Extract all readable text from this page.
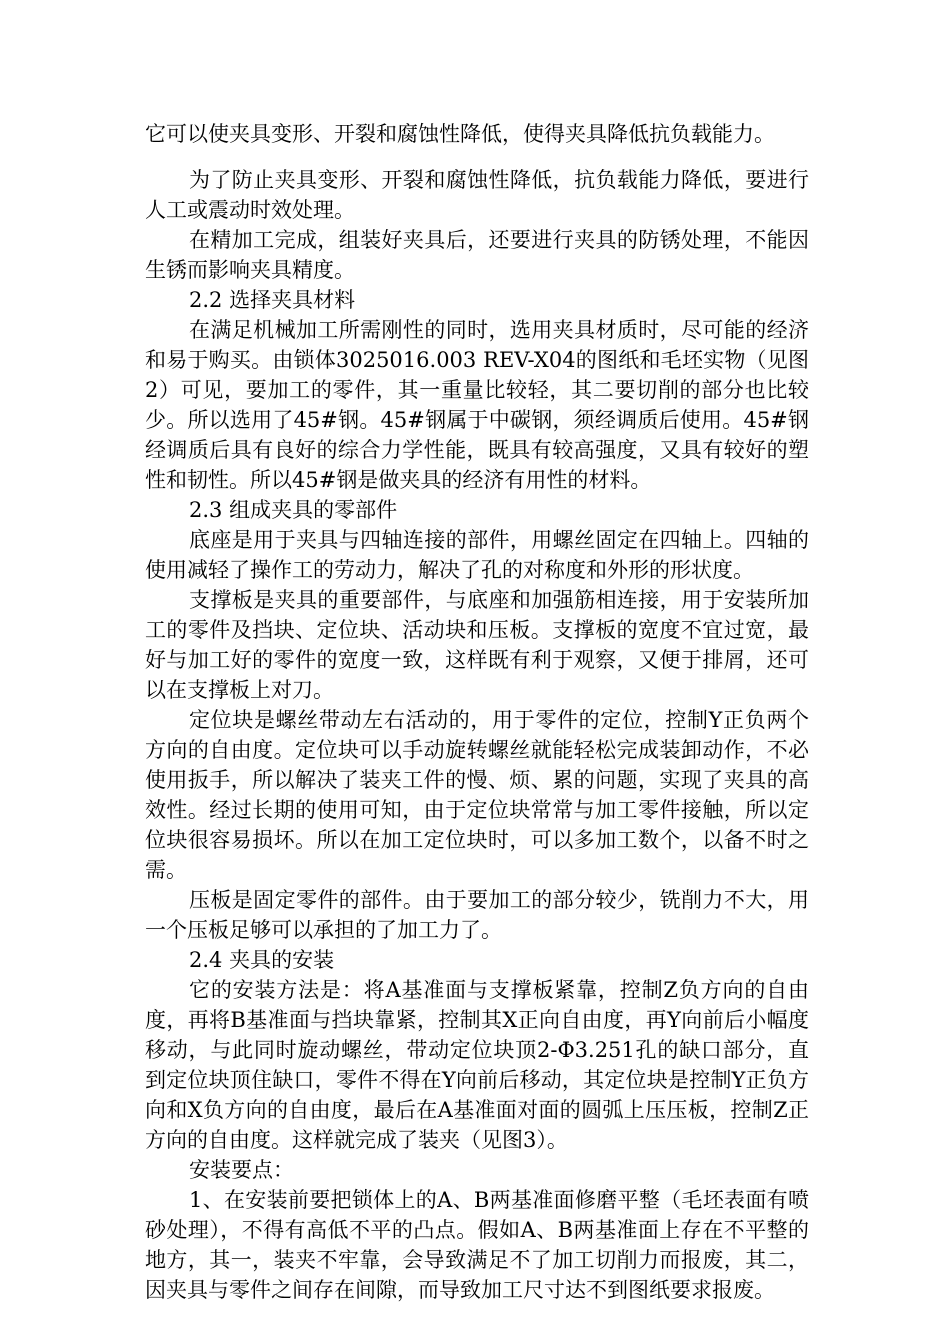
它可以使夹具变形、开裂和腐蚀性降低，使得夹具降低抗负载能力。

为了防止夹具变形、开裂和腐蚀性降低，抗负载能力降低，要进行人工或震动时效处理。

在精加工完成，组装好夹具后，还要进行夹具的防锈处理，不能因生锈而影响夹具精度。

2.2 选择夹具材料

在满足机械加工所需刚性的同时，选用夹具材质时，尽可能的经济和易于购买。由锁体3025016.003 REV-X04的图纸和毛坯实物（见图2）可见，要加工的零件，其一重量比较轻，其二要切削的部分也比较少。所以选用了45#钢。45#钢属于中碳钢，须经调质后使用。45#钢经调质后具有良好的综合力学性能，既具有较高强度，又具有较好的塑性和韧性。所以45#钢是做夹具的经济有用性的材料。

2.3 组成夹具的零部件

底座是用于夹具与四轴连接的部件，用螺丝固定在四轴上。四轴的使用减轻了操作工的劳动力，解决了孔的对称度和外形的形状度。

支撑板是夹具的重要部件，与底座和加强筋相连接，用于安装所加工的零件及挡块、定位块、活动块和压板。支撑板的宽度不宜过宽，最好与加工好的零件的宽度一致，这样既有利于观察，又便于排屑，还可以在支撑板上对刀。

定位块是螺丝带动左右活动的，用于零件的定位，控制Y正负两个方向的自由度。定位块可以手动旋转螺丝就能轻松完成装卸动作，不必使用扳手，所以解决了装夹工件的慢、烦、累的问题，实现了夹具的高效性。经过长期的使用可知，由于定位块常常与加工零件接触，所以定位块很容易损坏。所以在加工定位块时，可以多加工数个，以备不时之需。

压板是固定零件的部件。由于要加工的部分较少，铣削力不大，用一个压板足够可以承担的了加工力了。

2.4 夹具的安装

它的安装方法是：将A基准面与支撑板紧靠，控制Z负方向的自由度，再将B基准面与挡块靠紧，控制其X正向自由度，再Y向前后小幅度移动，与此同时旋动螺丝，带动定位块顶2-Φ3.251孔的缺口部分，直到定位块顶住缺口，零件不得在Y向前后移动，其定位块是控制Y正负方向和X负方向的自由度，最后在A基准面对面的圆弧上压压板，控制Z正方向的自由度。这样就完成了装夹（见图3）。

安装要点：

1、在安装前要把锁体上的A、B两基准面修磨平整（毛坯表面有喷砂处理），不得有高低不平的凸点。假如A、B两基准面上存在不平整的地方，其一，装夹不牢靠，会导致满足不了加工切削力而报废，其二，因夹具与零件之间存在间隙，而导致加工尺寸达不到图纸要求报废。
